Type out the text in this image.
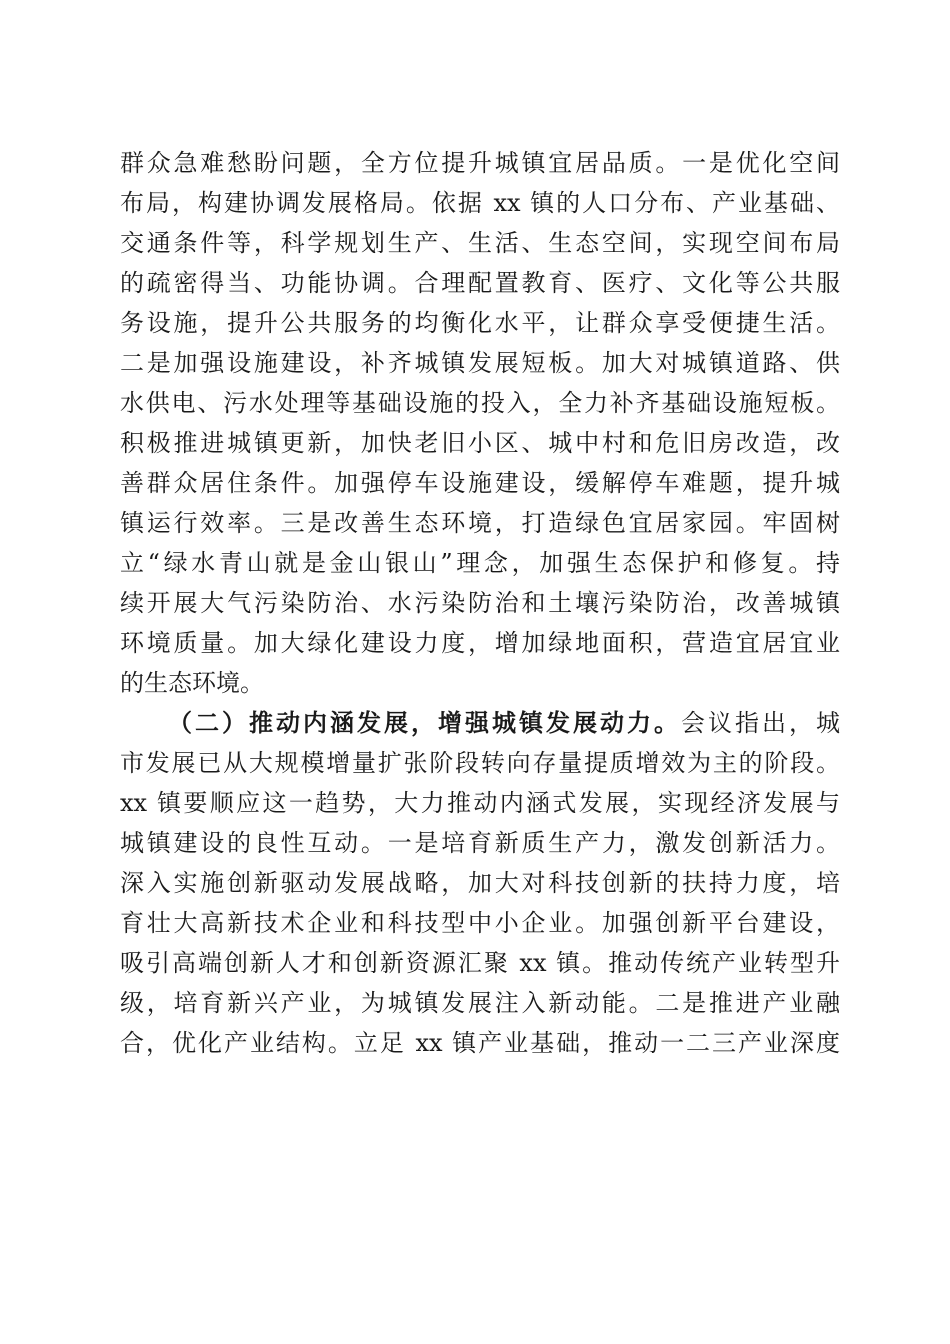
群众急难愁盼问题，全方位提升城镇宜居品质。一是优化空间
布局，构建协调发展格局。依据 xx 镇的人口分布、产业基础、
交通条件等，科学规划生产、生活、生态空间，实现空间布局
的疏密得当、功能协调。合理配置教育、医疗、文化等公共服
务设施，提升公共服务的均衡化水平，让群众享受便捷生活。
二是加强设施建设，补齐城镇发展短板。加大对城镇道路、供
水供电、污水处理等基础设施的投入，全力补齐基础设施短板。
积极推进城镇更新，加快老旧小区、城中村和危旧房改造，改
善群众居住条件。加强停车设施建设，缓解停车难题，提升城
镇运行效率。三是改善生态环境，打造绿色宜居家园。牢固树
立“绿水青山就是金山银山”理念，加强生态保护和修复。持
续开展大气污染防治、水污染防治和土壤污染防治，改善城镇
环境质量。加大绿化建设力度，增加绿地面积，营造宜居宜业
的生态环境。
（二）推动内涵发展，增强城镇发展动力。会议指出，城
市发展已从大规模增量扩张阶段转向存量提质增效为主的阶段。
xx 镇要顺应这一趋势，大力推动内涵式发展，实现经济发展与
城镇建设的良性互动。一是培育新质生产力，激发创新活力。
深入实施创新驱动发展战略，加大对科技创新的扶持力度，培
育壮大高新技术企业和科技型中小企业。加强创新平台建设，
吸引高端创新人才和创新资源汇聚 xx 镇。推动传统产业转型升
级，培育新兴产业，为城镇发展注入新动能。二是推进产业融
合，优化产业结构。立足 xx 镇产业基础，推动一二三产业深度
